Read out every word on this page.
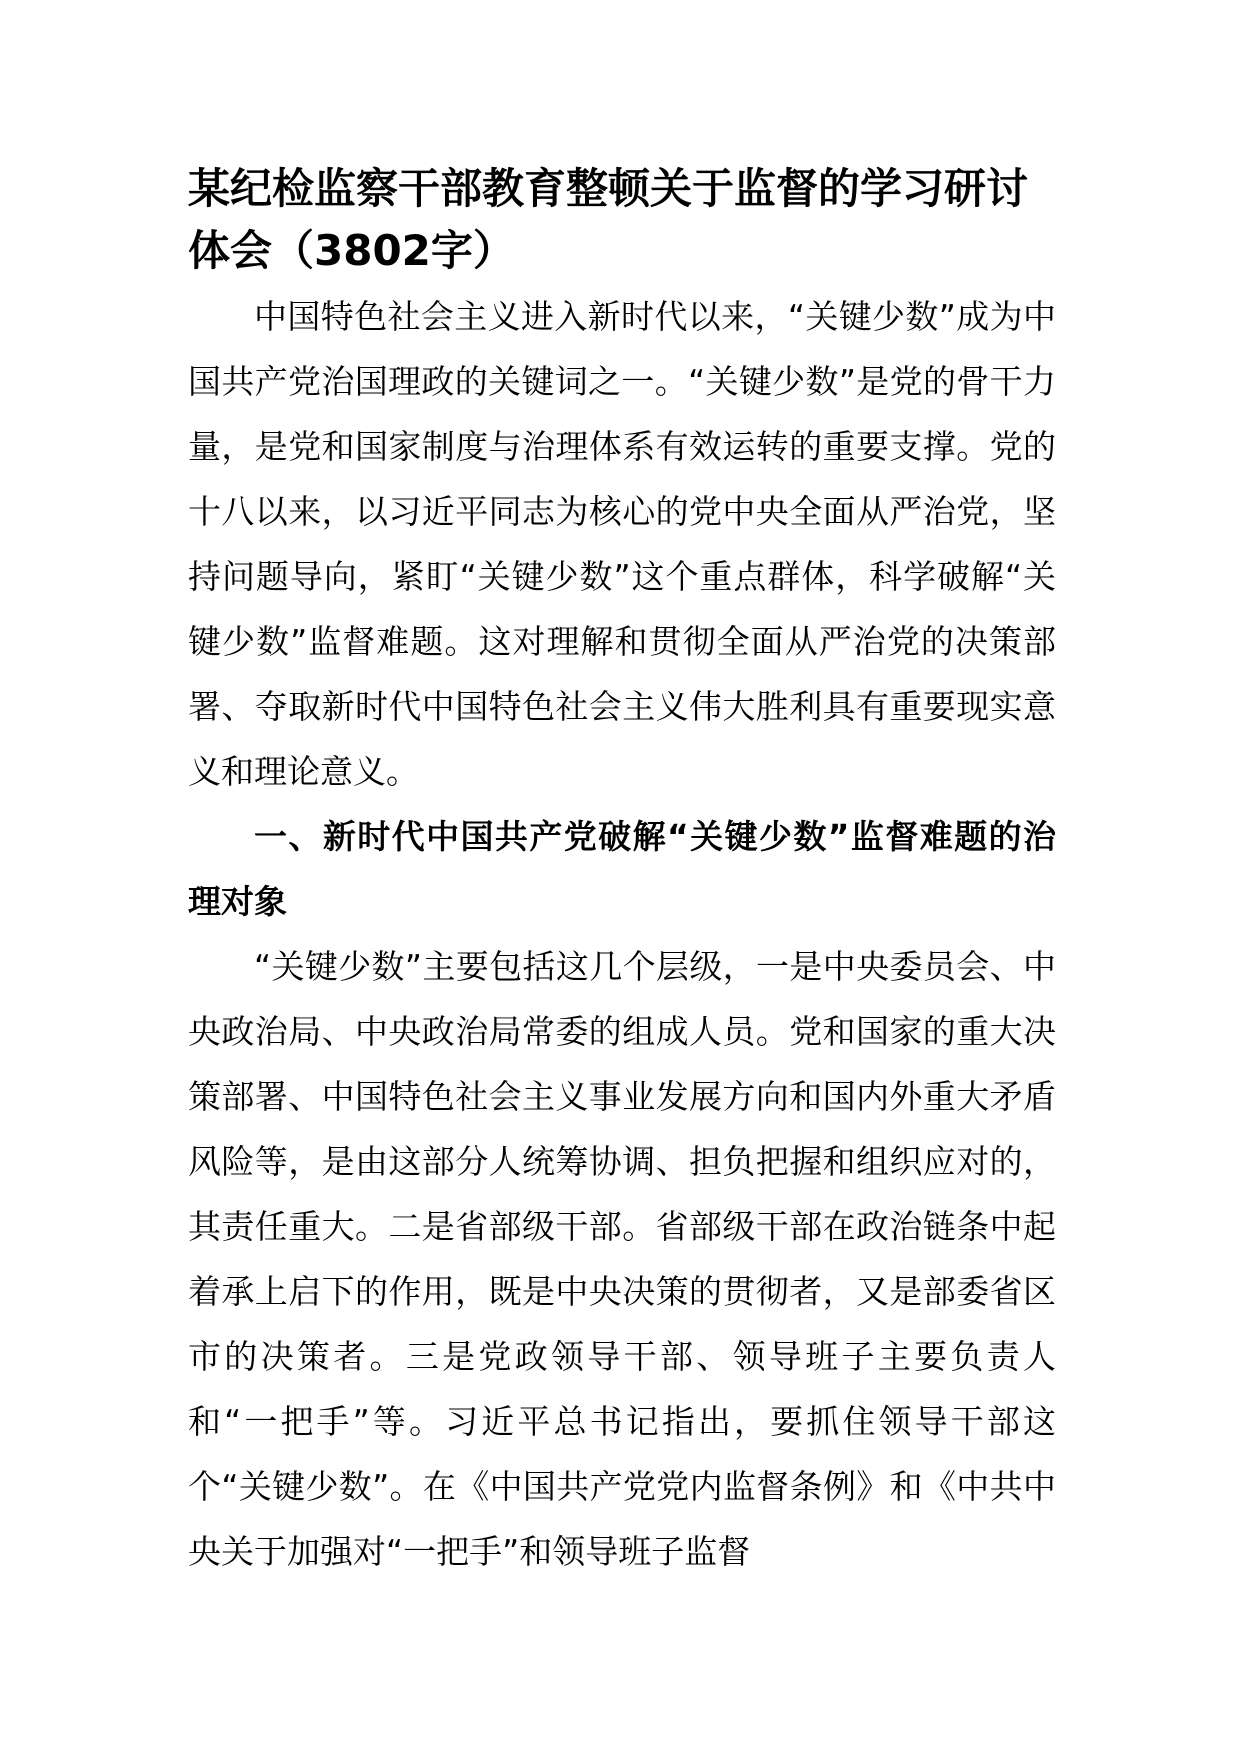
某纪检监察干部教育整顿关于监督的学习研讨体会（3802字）

中国特色社会主义进入新时代以来，“关键少数”成为中国共产党治国理政的关键词之一。“关键少数”是党的骨干力量，是党和国家制度与治理体系有效运转的重要支撑。党的十八以来，以习近平同志为核心的党中央全面从严治党，坚持问题导向，紧盯“关键少数”这个重点群体，科学破解“关键少数”监督难题。这对理解和贯彻全面从严治党的决策部署、夺取新时代中国特色社会主义伟大胜利具有重要现实意义和理论意义。

一、新时代中国共产党破解“关键少数”监督难题的治理对象

“关键少数”主要包括这几个层级，一是中央委员会、中央政治局、中央政治局常委的组成人员。党和国家的重大决策部署、中国特色社会主义事业发展方向和国内外重大矛盾风险等，是由这部分人统筹协调、担负把握和组织应对的，其责任重大。二是省部级干部。省部级干部在政治链条中起着承上启下的作用，既是中央决策的贯彻者，又是部委省区市的决策者。三是党政领导干部、领导班子主要负责人和“一把手”等。习近平总书记指出，要抓住领导干部这个“关键少数”。在《中国共产党党内监督条例》和《中共中央关于加强对“一把手”和领导班子监督
